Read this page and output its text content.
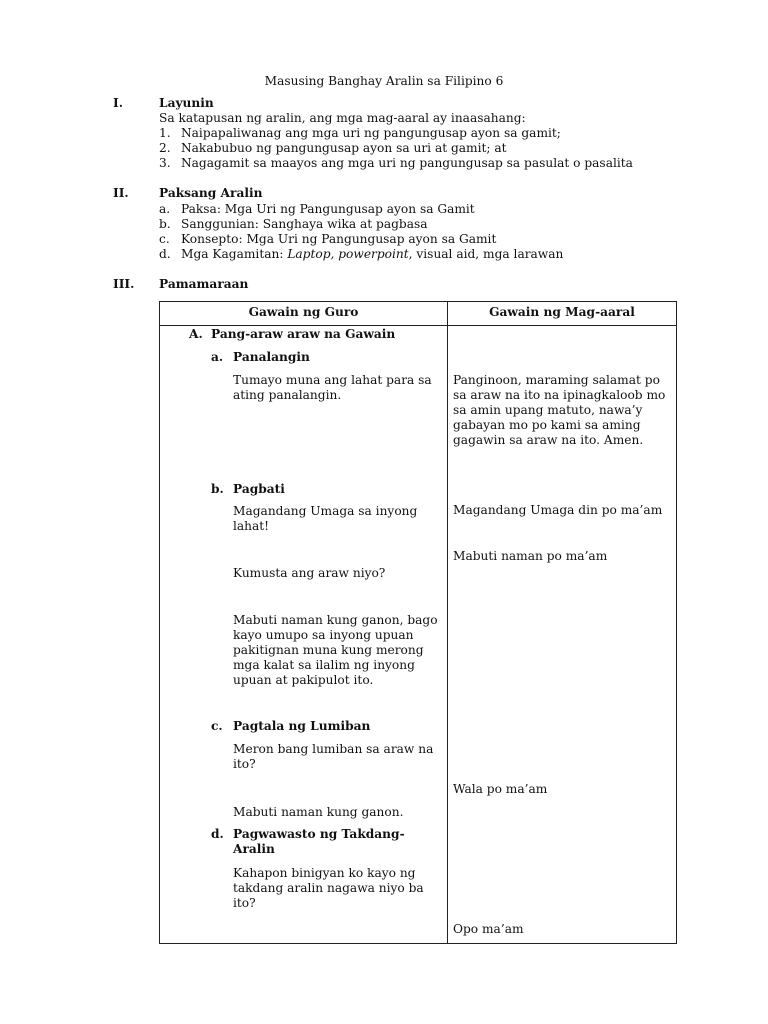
Masusing Banghay Aralin sa Filipino 6
I.	Layunin
Sa katapusan ng aralin, ang mga mag-aaral ay inaasahang:
1. Naipapaliwanag ang mga uri ng pangungusap ayon sa gamit;
2. Nakabubuo ng pangungusap ayon sa uri at gamit; at
3. Nagagamit sa maayos ang mga uri ng pangungusap sa pasulat o pasalita
II. Paksang Aralin
a. Paksa: Mga Uri ng Pangungusap ayon sa Gamit
b. Sanggunian: Sanghaya wika at pagbasa
c. Konsepto: Mga Uri ng Pangungusap ayon sa Gamit
d. Mga Kagamitan: Laptop, powerpoint, visual aid, mga larawan
III. Pamamaraan
Gawain ng Guro	Gawain ng Mag-aaral
A. Pang-araw araw na Gawain
a. Panalangin
Tumayo muna ang lahat para sa
ating panalangin.
Panginoon, maraming salamat po
sa araw na ito na ipinagkaloob mo
sa amin upang matuto, nawa’y
gabayan mo po kami sa aming
gagawin sa araw na ito. Amen.
b. Pagbati
Magandang Umaga sa inyong
lahat!
Magandang Umaga din po ma’am
Mabuti naman po ma’am
Kumusta ang araw niyo?
Mabuti naman kung ganon, bago
kayo umupo sa inyong upuan
pakitignan muna kung merong
mga kalat sa ilalim ng inyong
upuan at pakipulot ito.
c. Pagtala ng Lumiban
Meron bang lumiban sa araw na
ito?
Wala po ma’am
Mabuti naman kung ganon.
d. Pagwawasto ng Takdang-
Aralin
Kahapon binigyan ko kayo ng
takdang aralin nagawa niyo ba
ito?
Opo ma’am
